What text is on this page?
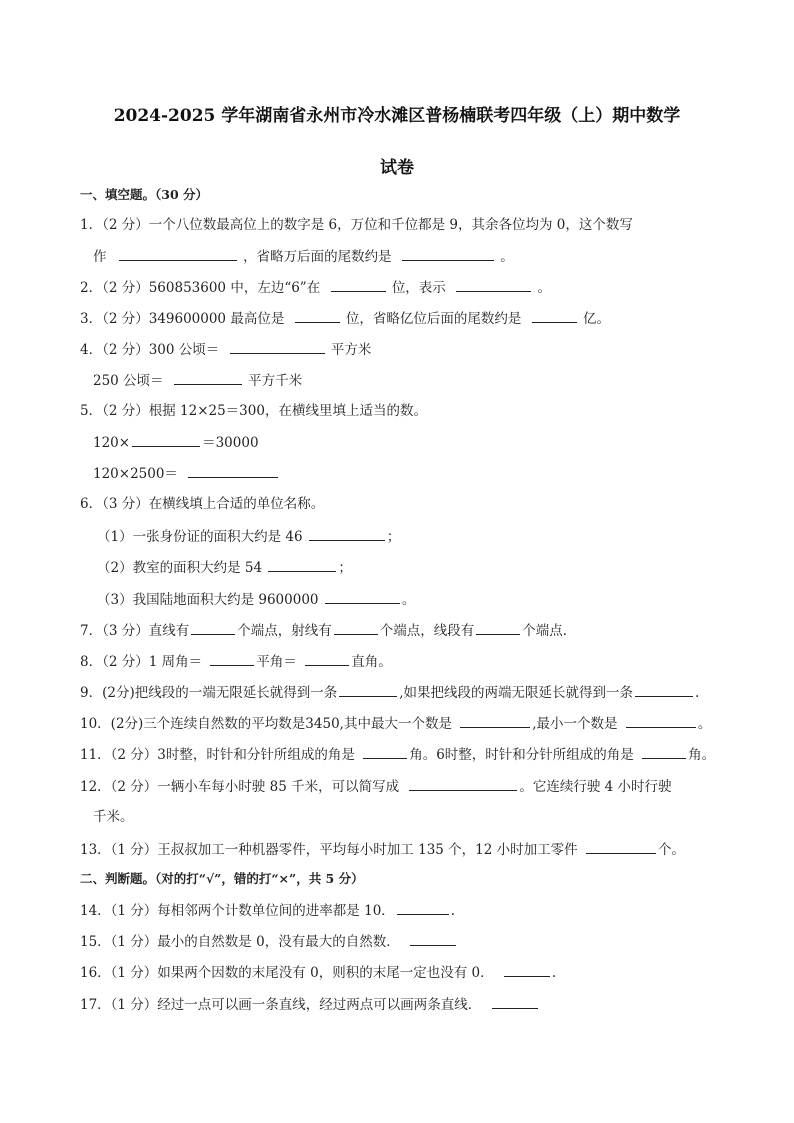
2024-2025 学年湖南省永州市冷水滩区普杨楠联考四年级（上）期中数学
试卷
一、填空题。（30 分）
1．（2 分）一个八位数最高位上的数字是 6，万位和千位都是 9，其余各位均为 0，这个数写
作	，省略万后面的尾数约是	。
2．（2 分）560853600 中，左边“6”在	位，表示	。
3．（2 分）349600000 最高位是	位，省略亿位后面的尾数约是	亿。
4．（2 分）300 公顷＝	平方米
250 公顷＝	平方千米
5．（2 分）根据 12×25＝300，在横线里填上适当的数。
120×	＝30000
120×2500＝
6．（3 分）在横线填上合适的单位名称。
（1）一张身份证的面积大约是 46	；
（2）教室的面积大约是 54	；
（3）我国陆地面积大约是 9600000	。
7．（3 分）直线有	个端点，射线有	个端点，线段有	个端点．
8．（2 分）1 周角＝	平角＝	直角。
9．(2分)把线段的一端无限延长就得到一条	,如果把线段的两端无限延长就得到一条	.
10．(2分)三个连续自然数的平均数是3450,其中最大一个数是	,最小一个数是	。
11．（2 分）3时整，时针和分针所组成的角是	角。6时整，时针和分针所组成的角是	角。
12．（2 分）一辆小车每小时驶 85 千米，可以简写成	。它连续行驶 4 小时行驶
千米。
13．（1 分）王叔叔加工一种机器零件，平均每小时加工 135 个，12 小时加工零件	个。
二、判断题。（对的打“√”，错的打“×”，共 5 分）
14．（1 分）每相邻两个计数单位间的进率都是 10．	.
15．（1 分）最小的自然数是 0，没有最大的自然数．
16．（1 分）如果两个因数的末尾没有 0，则积的末尾一定也没有 0．	.
17．（1 分）经过一点可以画一条直线，经过两点可以画两条直线．
